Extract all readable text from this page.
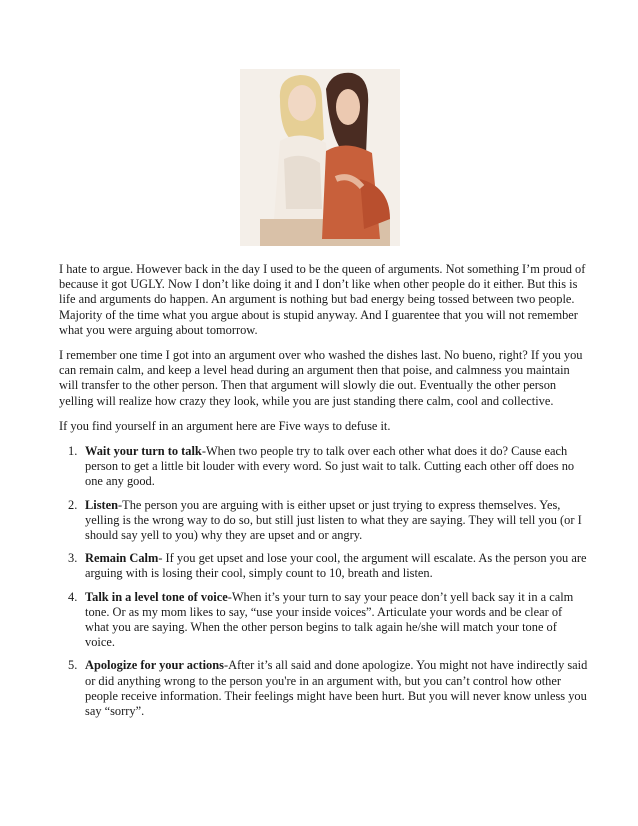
I hate to argue. However back in the day I used to be the queen of arguments. Not something I’m proud of because it got UGLY. Now I don’t like doing it and I don’t like when other people do it either. But this is life and arguments do happen. An argument is nothing but bad energy being tossed between two people. Majority of the time what you argue about is stupid anyway. And I guarentee that you will not remember what you were arguing about tomorrow.

I remember one time I got into an argument over who washed the dishes last. No bueno, right? If you you can remain calm, and keep a level head during an argument then that poise, and calmness you maintain will transfer to the other person. Then that argument will slowly die out. Eventually the other person yelling will realize how crazy they look, while you are just standing there calm, cool and collective.

If you find yourself in an argument here are Five ways to defuse it.

1. Wait your turn to talk-When two people try to talk over each other what does it do? Cause each person to get a little bit louder with every word. So just wait to talk. Cutting each other off does no one any good.
2. Listen-The person you are arguing with is either upset or just trying to express themselves. Yes, yelling is the wrong way to do so, but still just listen to what they are saying. They will tell you (or I should say yell to you) why they are upset and or angry.
3. Remain Calm- If you get upset and lose your cool, the argument will escalate. As the person you are arguing with is losing their cool, simply count to 10, breath and listen.
4. Talk in a level tone of voice-When it’s your turn to say your peace don’t yell back say it in a calm tone. Or as my mom likes to say, “use your inside voices”. Articulate your words and be clear of what you are saying. When the other person begins to talk again he/she will match your tone of voice.
5. Apologize for your actions-After it’s all said and done apologize. You might not have indirectly said or did anything wrong to the person you're in an argument with, but you can’t control how other people receive information. Their feelings might have been hurt. But you will never know unless you say “sorry”.
